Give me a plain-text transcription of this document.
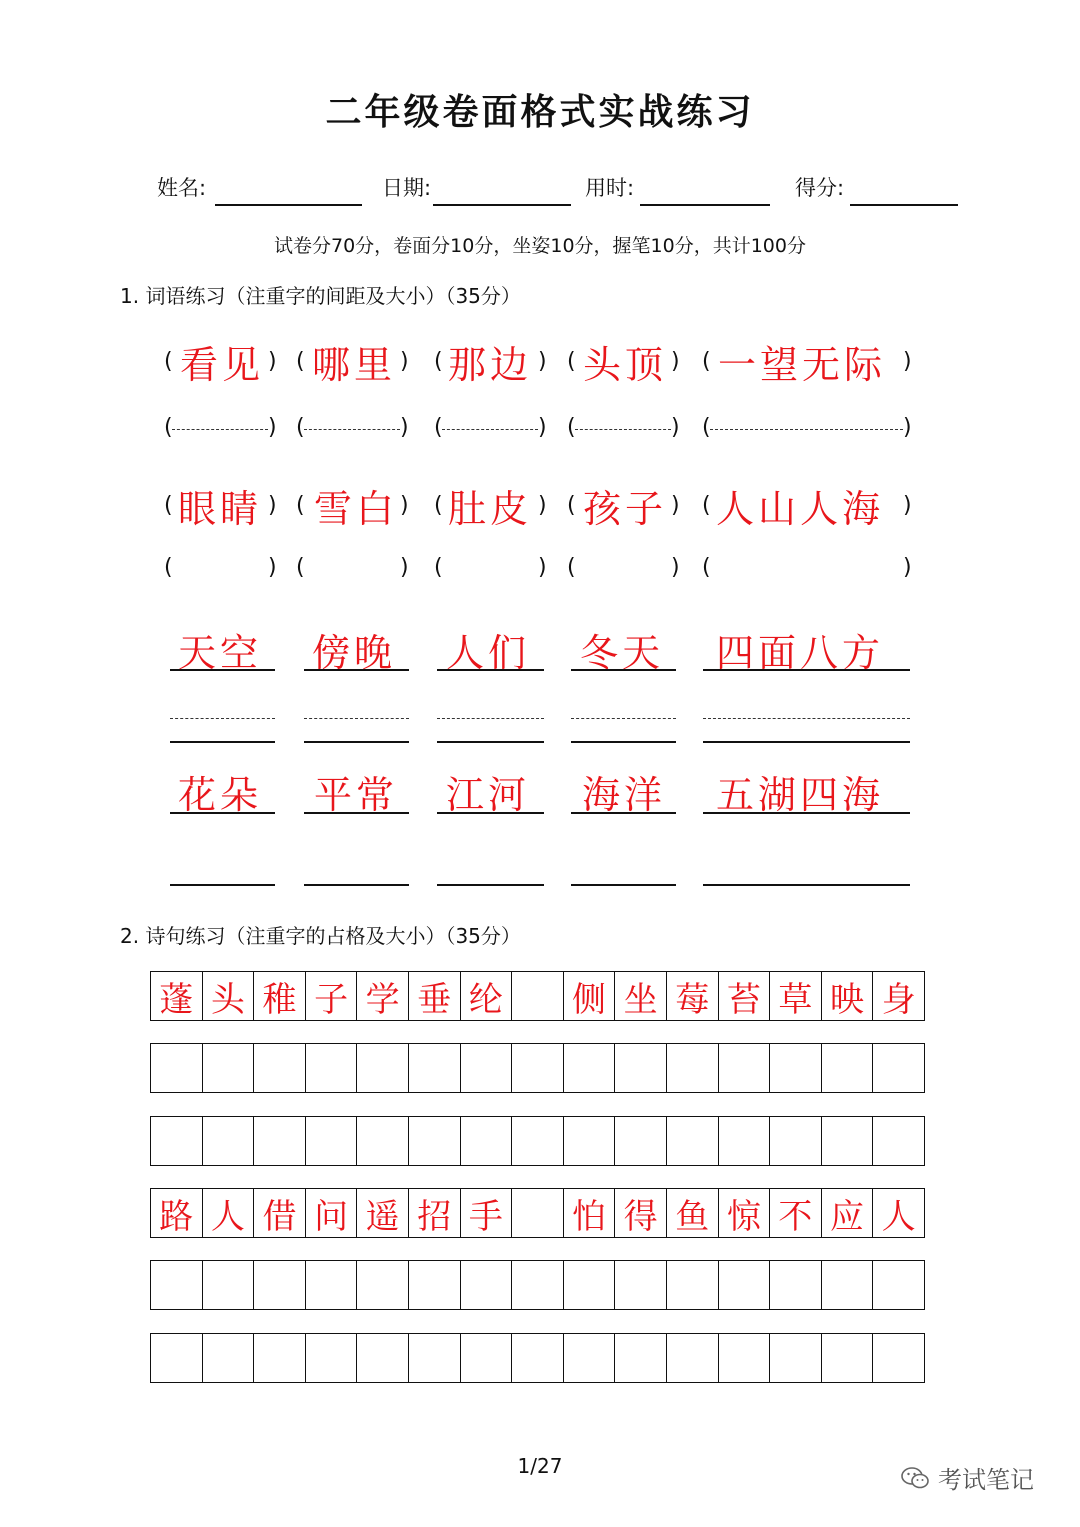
二年级卷面格式实战练习
姓名:	日期:	用时:	得分:
试卷分70分，卷面分10分，坐姿10分，握笔10分，共计100分
1. 词语练习（注重字的间距及大小）（35分）
( 看见 ) ( 哪里 ) ( 那边 ) ( 头顶 ) ( 一望无际 )
(	) (	) (	) (	) (	)
( 眼睛 ) ( 雪白 ) ( 肚皮 ) ( 孩子 ) ( 人山人海 )
(	) (	) (	) (	) (	)
天空 傍晚 人们 冬天 四面八方
花朵 平常 江河 海洋 五湖四海
2. 诗句练习（注重字的占格及大小）（35分）
蓬 头 稚 子 学 垂 纶 侧 坐 莓 苔 草 映 身
路 人 借 问 遥 招 手 怕 得 鱼 惊 不 应 人
1/27	考试笔记
